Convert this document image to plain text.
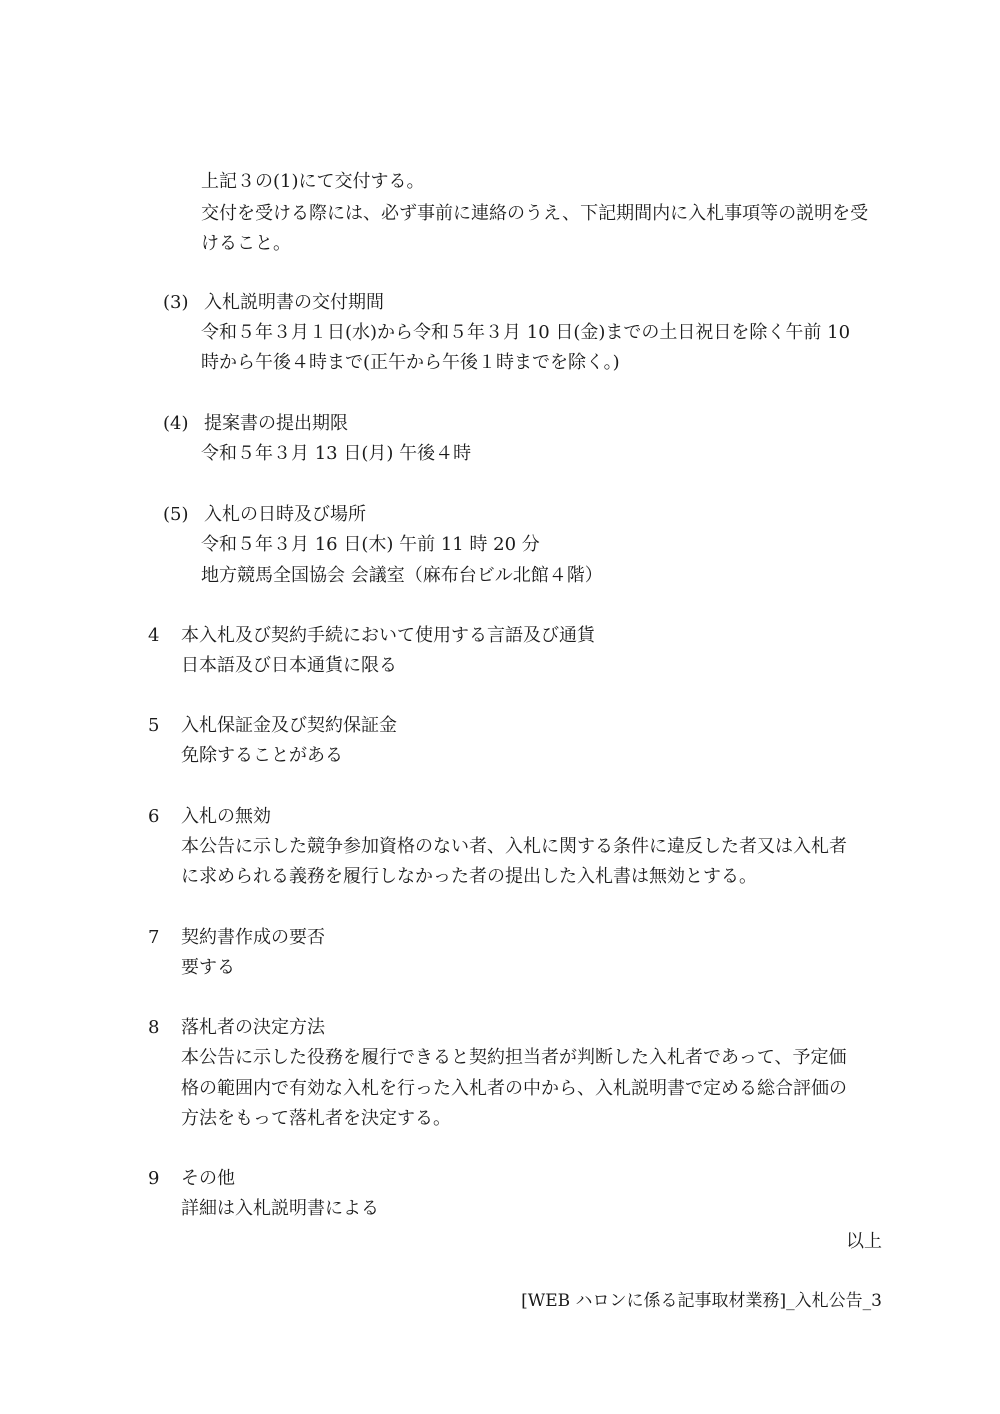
上記３の(1)にて交付する。
交付を受ける際には、必ず事前に連絡のうえ、下記期間内に入札事項等の説明を受
けること。
(3) 入札説明書の交付期間
令和５年３月１日(水)から令和５年３月 10 日(金)までの土日祝日を除く午前 10
時から午後４時まで(正午から午後１時までを除く。)
(4) 提案書の提出期限
令和５年３月 13 日(月) 午後４時
(5) 入札の日時及び場所
令和５年３月 16 日(木) 午前 11 時 20 分
地方競馬全国協会 会議室（麻布台ビル北館４階）
4 本入札及び契約手続において使用する言語及び通貨
日本語及び日本通貨に限る
5 入札保証金及び契約保証金
免除することがある
6 入札の無効
本公告に示した競争参加資格のない者、入札に関する条件に違反した者又は入札者
に求められる義務を履行しなかった者の提出した入札書は無効とする。
7 契約書作成の要否
要する
8 落札者の決定方法
本公告に示した役務を履行できると契約担当者が判断した入札者であって、予定価
格の範囲内で有効な入札を行った入札者の中から、入札説明書で定める総合評価の
方法をもって落札者を決定する。
9 その他
詳細は入札説明書による
以上
[WEB ハロンに係る記事取材業務]_入札公告_3
